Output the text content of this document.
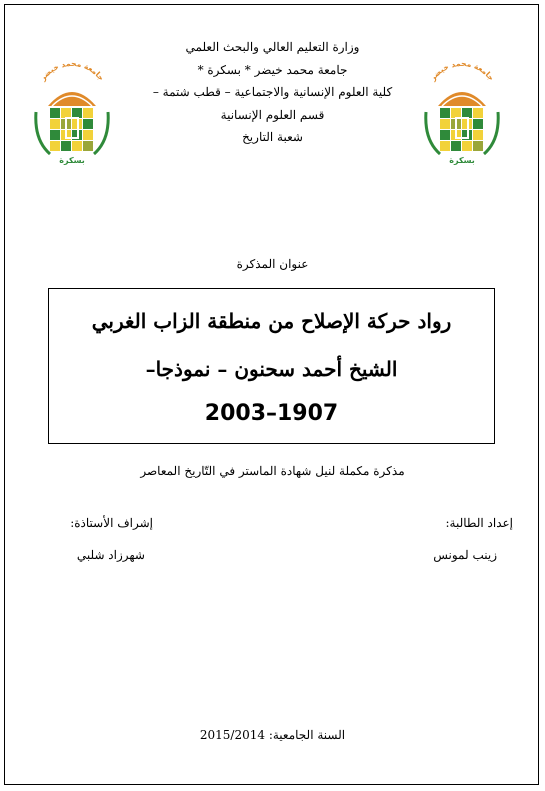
جامعة محمد خيضر
بسكرة
جامعة محمد خيضر
بسكرة
وزارة التعليم العالي والبحث العلمي
جامعة محمد خيضر * بسكرة *
كلية العلوم الإنسانية والاجتماعية – قطب شتمة –
قسم العلوم الإنسانية
شعبة التاريخ
عنوان المذكرة
رواد حركة الإصلاح من منطقة الزاب الغربي
الشيخ أحمد سحنون – نموذجا–
1907–2003
مذكرة مكملة لنيل شهادة الماستر في التّاريخ المعاصر
إعداد الطالبة:
زينب لمونس
إشراف الأستاذة:
شهرزاد شلبي
السنة الجامعية: 2015/2014
